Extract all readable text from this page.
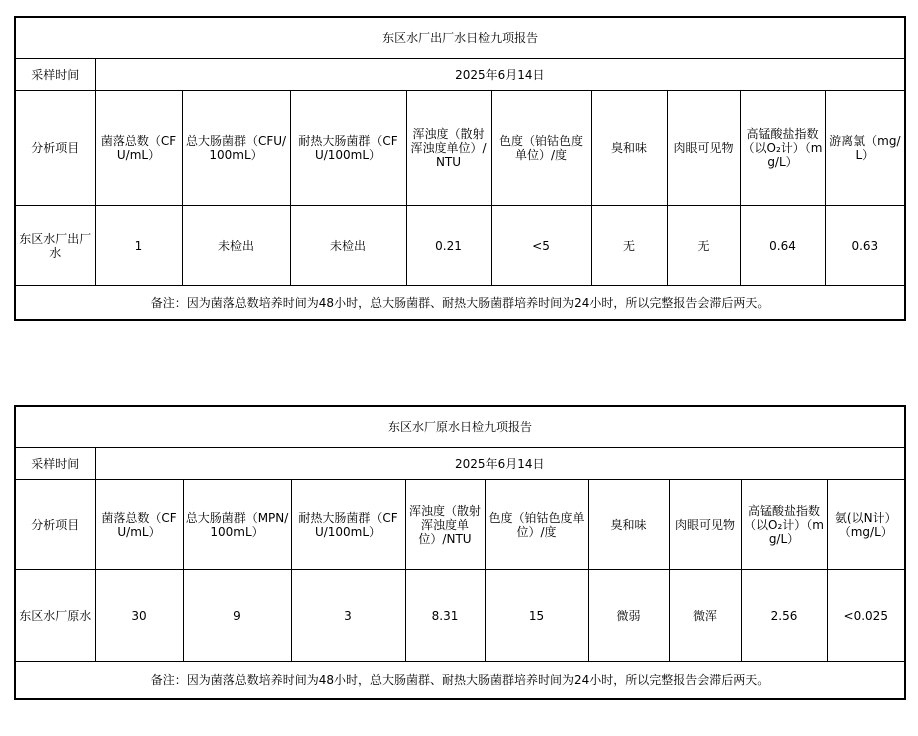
东区水厂出厂水日检九项报告									
采样时间	2025年6月14日								
分析项目	菌落总数（CFU/mL）	总大肠菌群（CFU/100mL）	耐热大肠菌群（CFU/100mL）	浑浊度（散射浑浊度单位）/NTU	色度（铂钴色度单位）/度	臭和味	肉眼可见物	高锰酸盐指数（以O₂计）（mg/L）	游离氯（mg/L）
东区水厂出厂水	1	未检出	未检出	0.21	<5	无	无	0.64	0.63
备注：因为菌落总数培养时间为48小时，总大肠菌群、耐热大肠菌群培养时间为24小时，所以完整报告会滞后两天。									
东区水厂原水日检九项报告									
采样时间	2025年6月14日								
分析项目	菌落总数（CFU/mL）	总大肠菌群（MPN/100mL）	耐热大肠菌群（CFU/100mL）	浑浊度（散射浑浊度单位）/NTU	色度（铂钴色度单位）/度	臭和味	肉眼可见物	高锰酸盐指数（以O₂计）（mg/L）	氨(以N计）（mg/L）
东区水厂原水	30	9	3	8.31	15	微弱	微浑	2.56	<0.025
备注：因为菌落总数培养时间为48小时，总大肠菌群、耐热大肠菌群培养时间为24小时，所以完整报告会滞后两天。									
